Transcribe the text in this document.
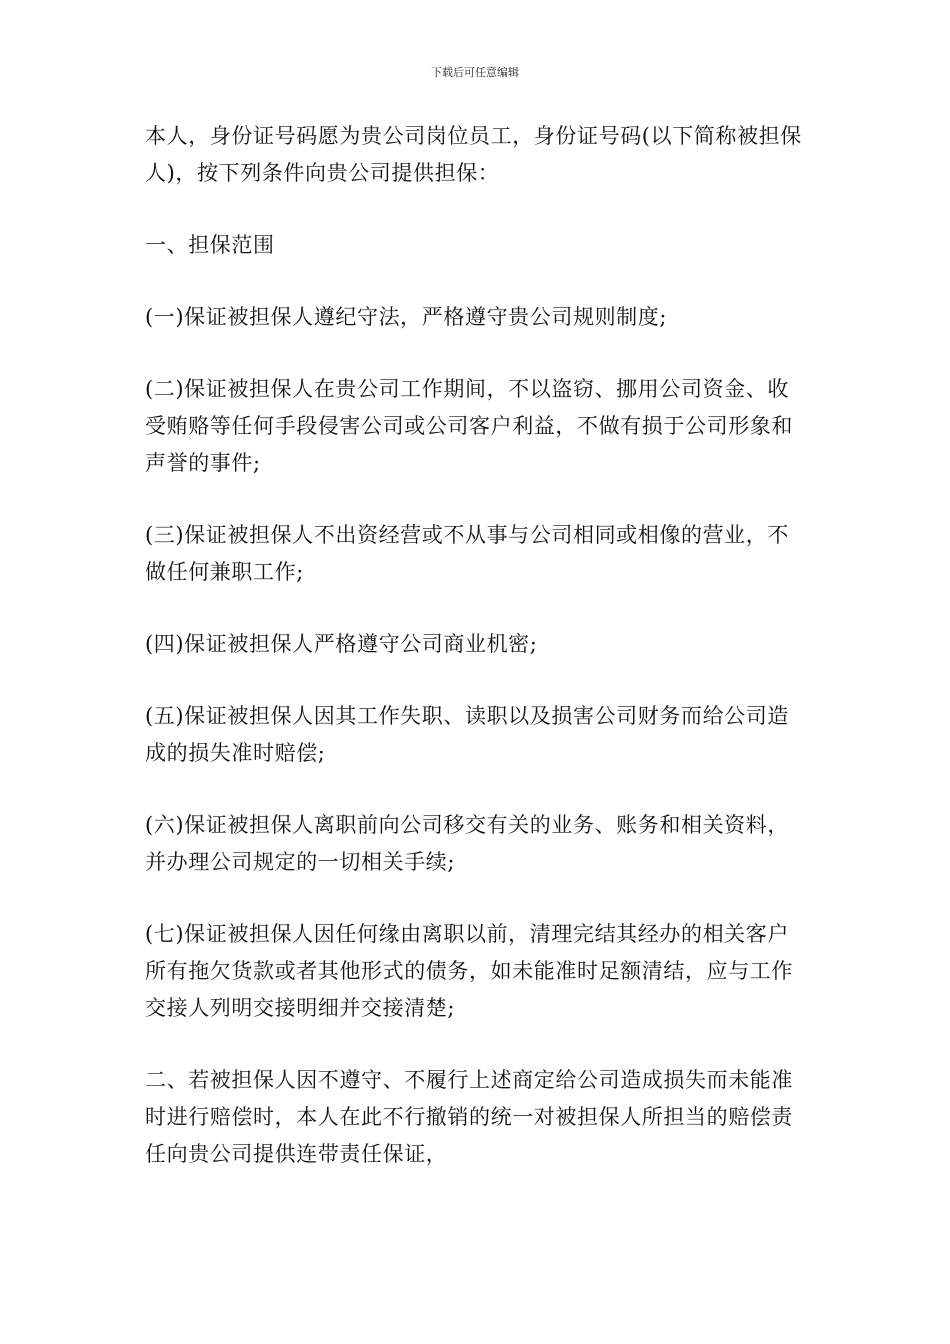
下载后可任意编辑

本人，身份证号码愿为贵公司岗位员工，身份证号码(以下简称被担保人)，按下列条件向贵公司提供担保：

一、担保范围

(一)保证被担保人遵纪守法，严格遵守贵公司规则制度;

(二)保证被担保人在贵公司工作期间，不以盗窃、挪用公司资金、收受贿赂等任何手段侵害公司或公司客户利益，不做有损于公司形象和声誉的事件;

(三)保证被担保人不出资经营或不从事与公司相同或相像的营业，不做任何兼职工作;

(四)保证被担保人严格遵守公司商业机密;

(五)保证被担保人因其工作失职、读职以及损害公司财务而给公司造成的损失准时赔偿;

(六)保证被担保人离职前向公司移交有关的业务、账务和相关资料，并办理公司规定的一切相关手续;

(七)保证被担保人因任何缘由离职以前，清理完结其经办的相关客户所有拖欠货款或者其他形式的债务，如未能准时足额清结，应与工作交接人列明交接明细并交接清楚;

二、若被担保人因不遵守、不履行上述商定给公司造成损失而未能准时进行赔偿时，本人在此不行撤销的统一对被担保人所担当的赔偿责任向贵公司提供连带责任保证，
